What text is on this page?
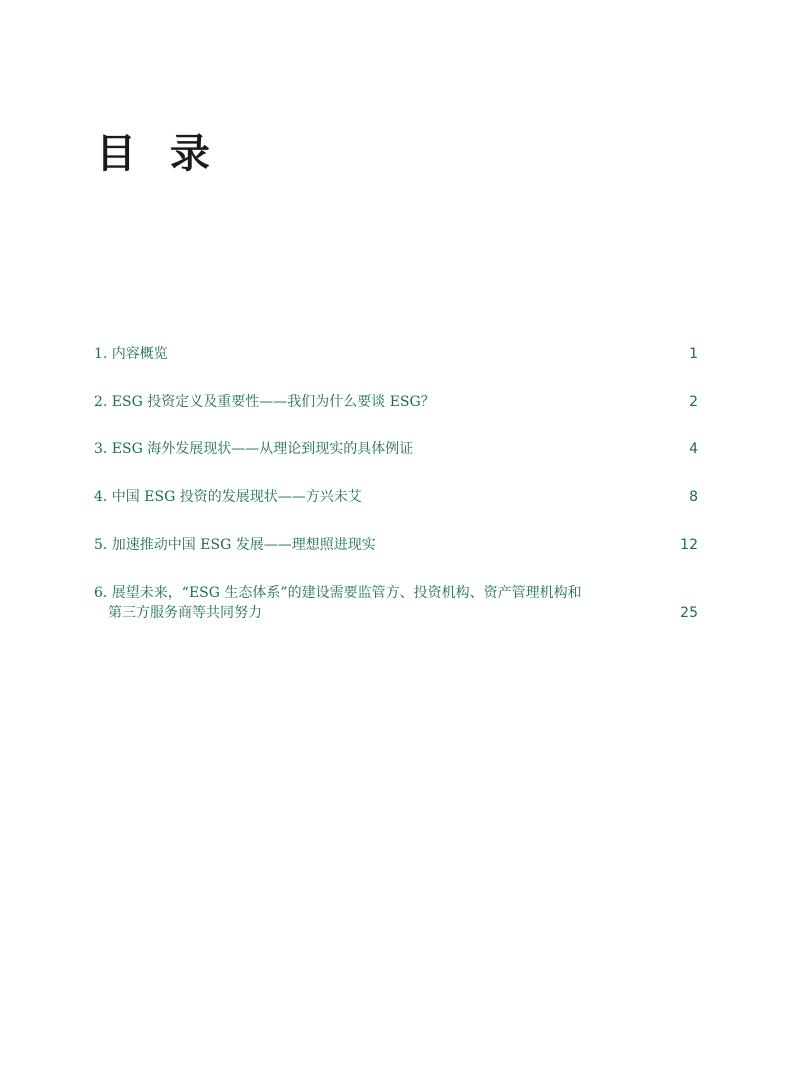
目 录
1. 内容概览	1
2. ESG 投资定义及重要性——我们为什么要谈 ESG？	2
3. ESG 海外发展现状——从理论到现实的具体例证	4
4. 中国 ESG 投资的发展现状——方兴未艾	8
5. 加速推动中国 ESG 发展——理想照进现实	12
6. 展望未来，“ESG 生态体系”的建设需要监管方、投资机构、资产管理机构和
第三方服务商等共同努力	25
